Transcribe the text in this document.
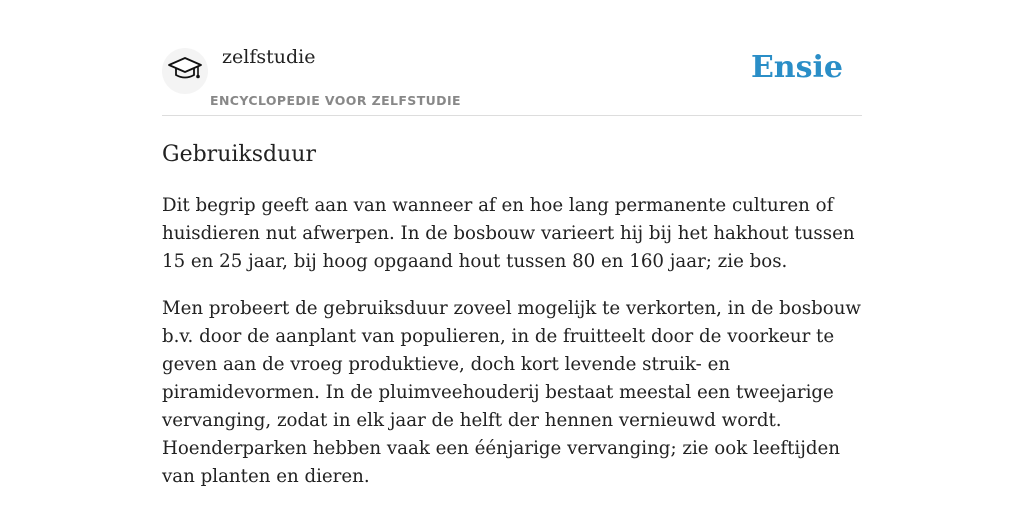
zelfstudie
ENCYCLOPEDIE VOOR ZELFSTUDIE
Ensie
Gebruiksduur

Dit begrip geeft aan van wanneer af en hoe lang permanente culturen of huisdieren nut afwerpen. In de bosbouw varieert hij bij het hakhout tussen 15 en 25 jaar, bij hoog opgaand hout tussen 80 en 160 jaar; zie bos.

Men probeert de gebruiksduur zoveel mogelijk te verkorten, in de bosbouw b.v. door de aanplant van populieren, in de fruitteelt door de voorkeur te geven aan de vroeg produktieve, doch kort levende struik- en piramidevormen. In de pluimveehouderij bestaat meestal een tweejarige vervanging, zodat in elk jaar de helft der hennen vernieuwd wordt. Hoenderparken hebben vaak een éénjarige vervanging; zie ook leeftijden van planten en dieren.
